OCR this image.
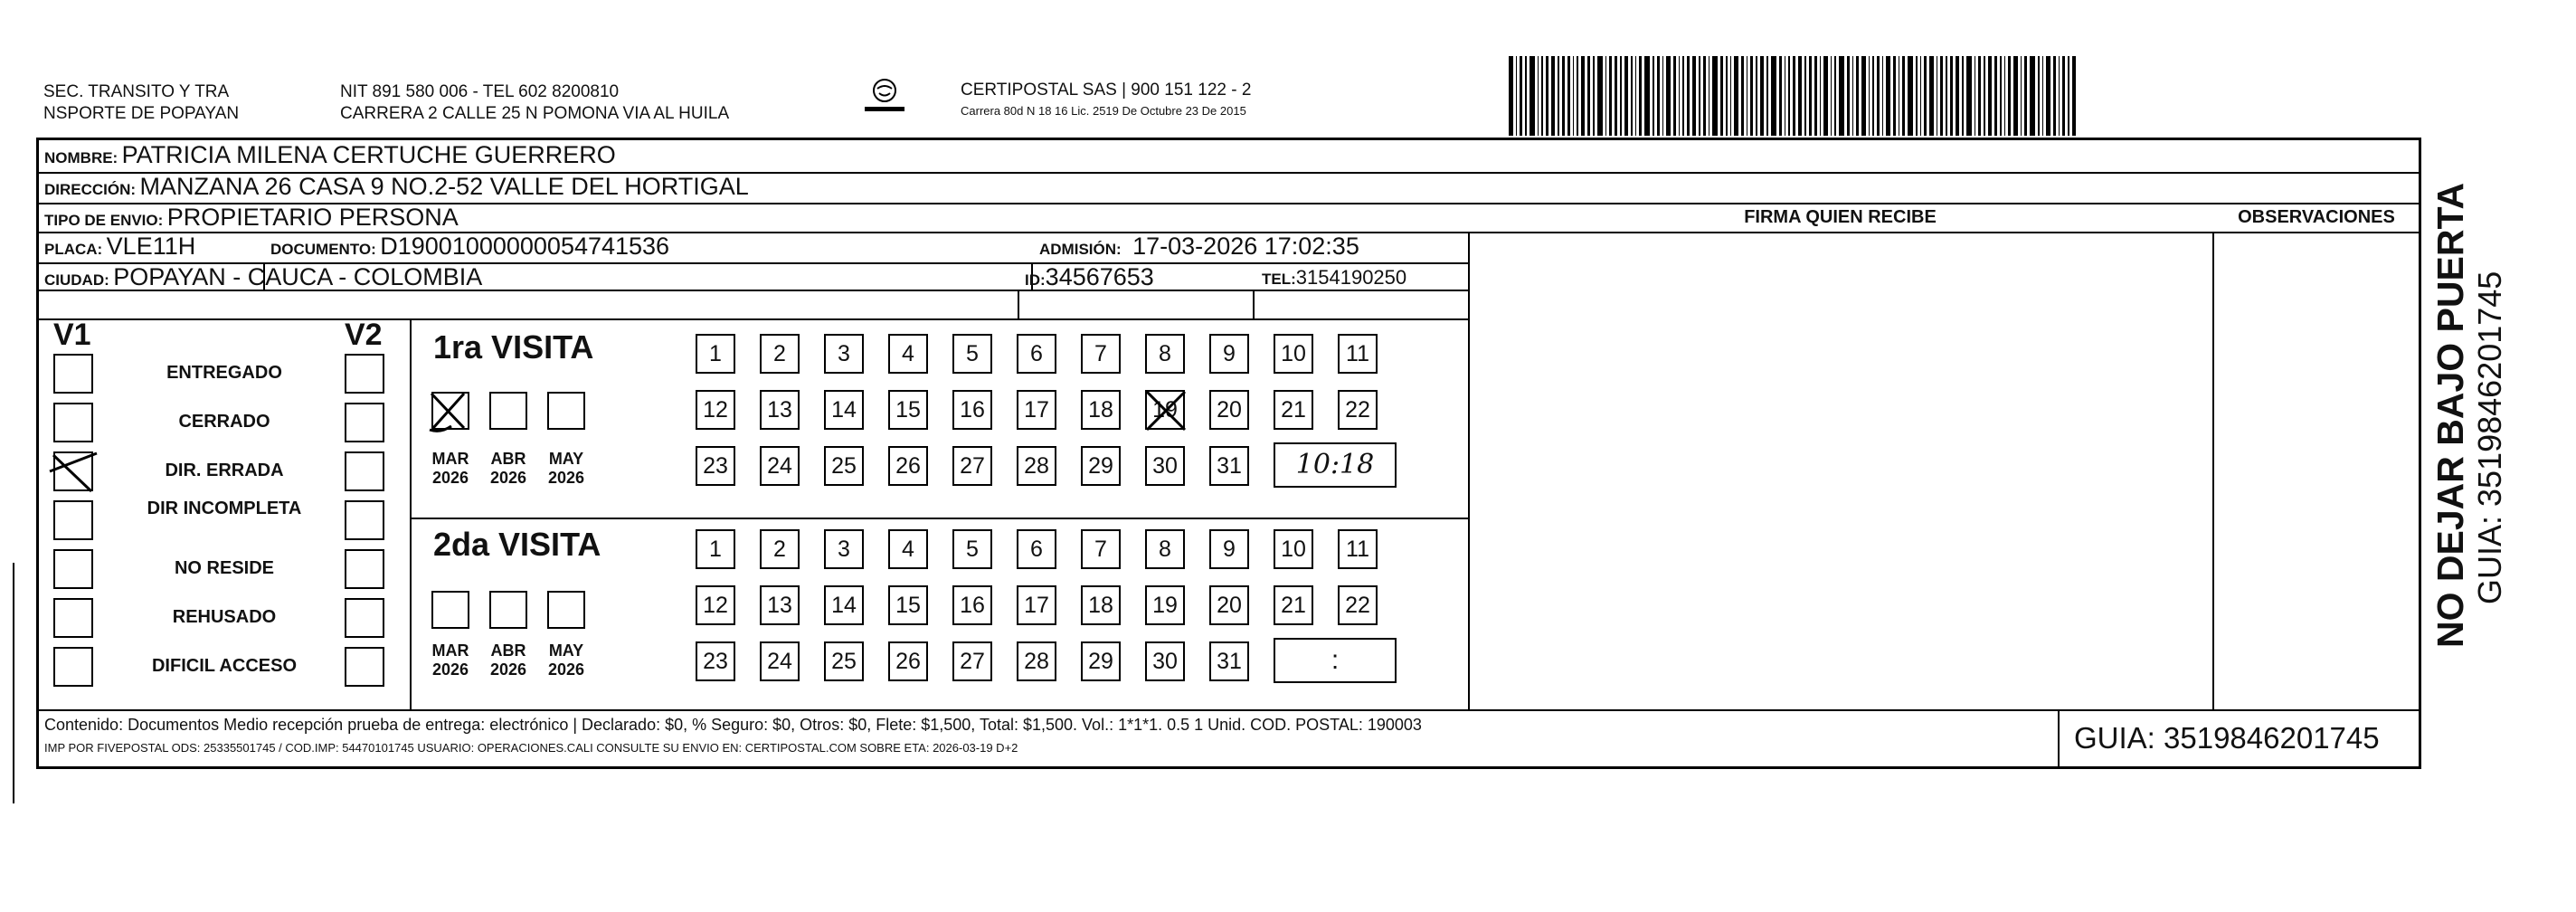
SEC. TRANSITO Y TRA
NSPORTE DE POPAYAN
NIT 891 580 006 - TEL 602 8200810
CARRERA 2 CALLE 25 N POMONA VIA AL HUILA
CERTIPOSTAL SAS | 900 151 122 - 2
Carrera 80d N 18 16 Lic. 2519 De Octubre 23 De 2015
NOMBRE: PATRICIA MILENA CERTUCHE GUERRERO
DIRECCIÓN: MANZANA 26 CASA 9 NO.2-52 VALLE DEL HORTIGAL
TIPO DE ENVIO: PROPIETARIO PERSONA	FIRMA QUIEN RECIBE	OBSERVACIONES
PLACA: VLE11H	DOCUMENTO: D19001000000054741536	ADMISIÓN: 17-03-2026 17:02:35
CIUDAD: POPAYAN - CAUCA - COLOMBIA	ID:34567653	TEL:3154190250
V1	V2
ENTREGADO
CERRADO
DIR. ERRADA
DIR INCOMPLETA
NO RESIDE
REHUSADO
DIFICIL ACCESO
1ra VISITA
2da VISITA
MAR
2026
ABR
2026
MAY
2026
MAR
2026
ABR
2026
MAY
2026
1	2	3	4	5	6	7	8	9	10	11
12	13	14	15	16	17	18	19	20	21	22
23	24	25	26	27	28	29	30	31	10:18
1	2	3	4	5	6	7	8	9	10	11
12	13	14	15	16	17	18	19	20	21	22
23	24	25	26	27	28	29	30	31	:
Contenido: Documentos Medio recepción prueba de entrega: electrónico | Declarado: $0, % Seguro: $0, Otros: $0, Flete: $1,500, Total: $1,500. Vol.: 1*1*1. 0.5 1 Unid. COD. POSTAL: 190003
IMP POR FIVEPOSTAL ODS: 25335501745 / COD.IMP: 54470101745 USUARIO: OPERACIONES.CALI CONSULTE SU ENVIO EN: CERTIPOSTAL.COM SOBRE ETA: 2026-03-19 D+2	GUIA: 3519846201745
NO DEJAR BAJO PUERTA GUIA: 3519846201745
